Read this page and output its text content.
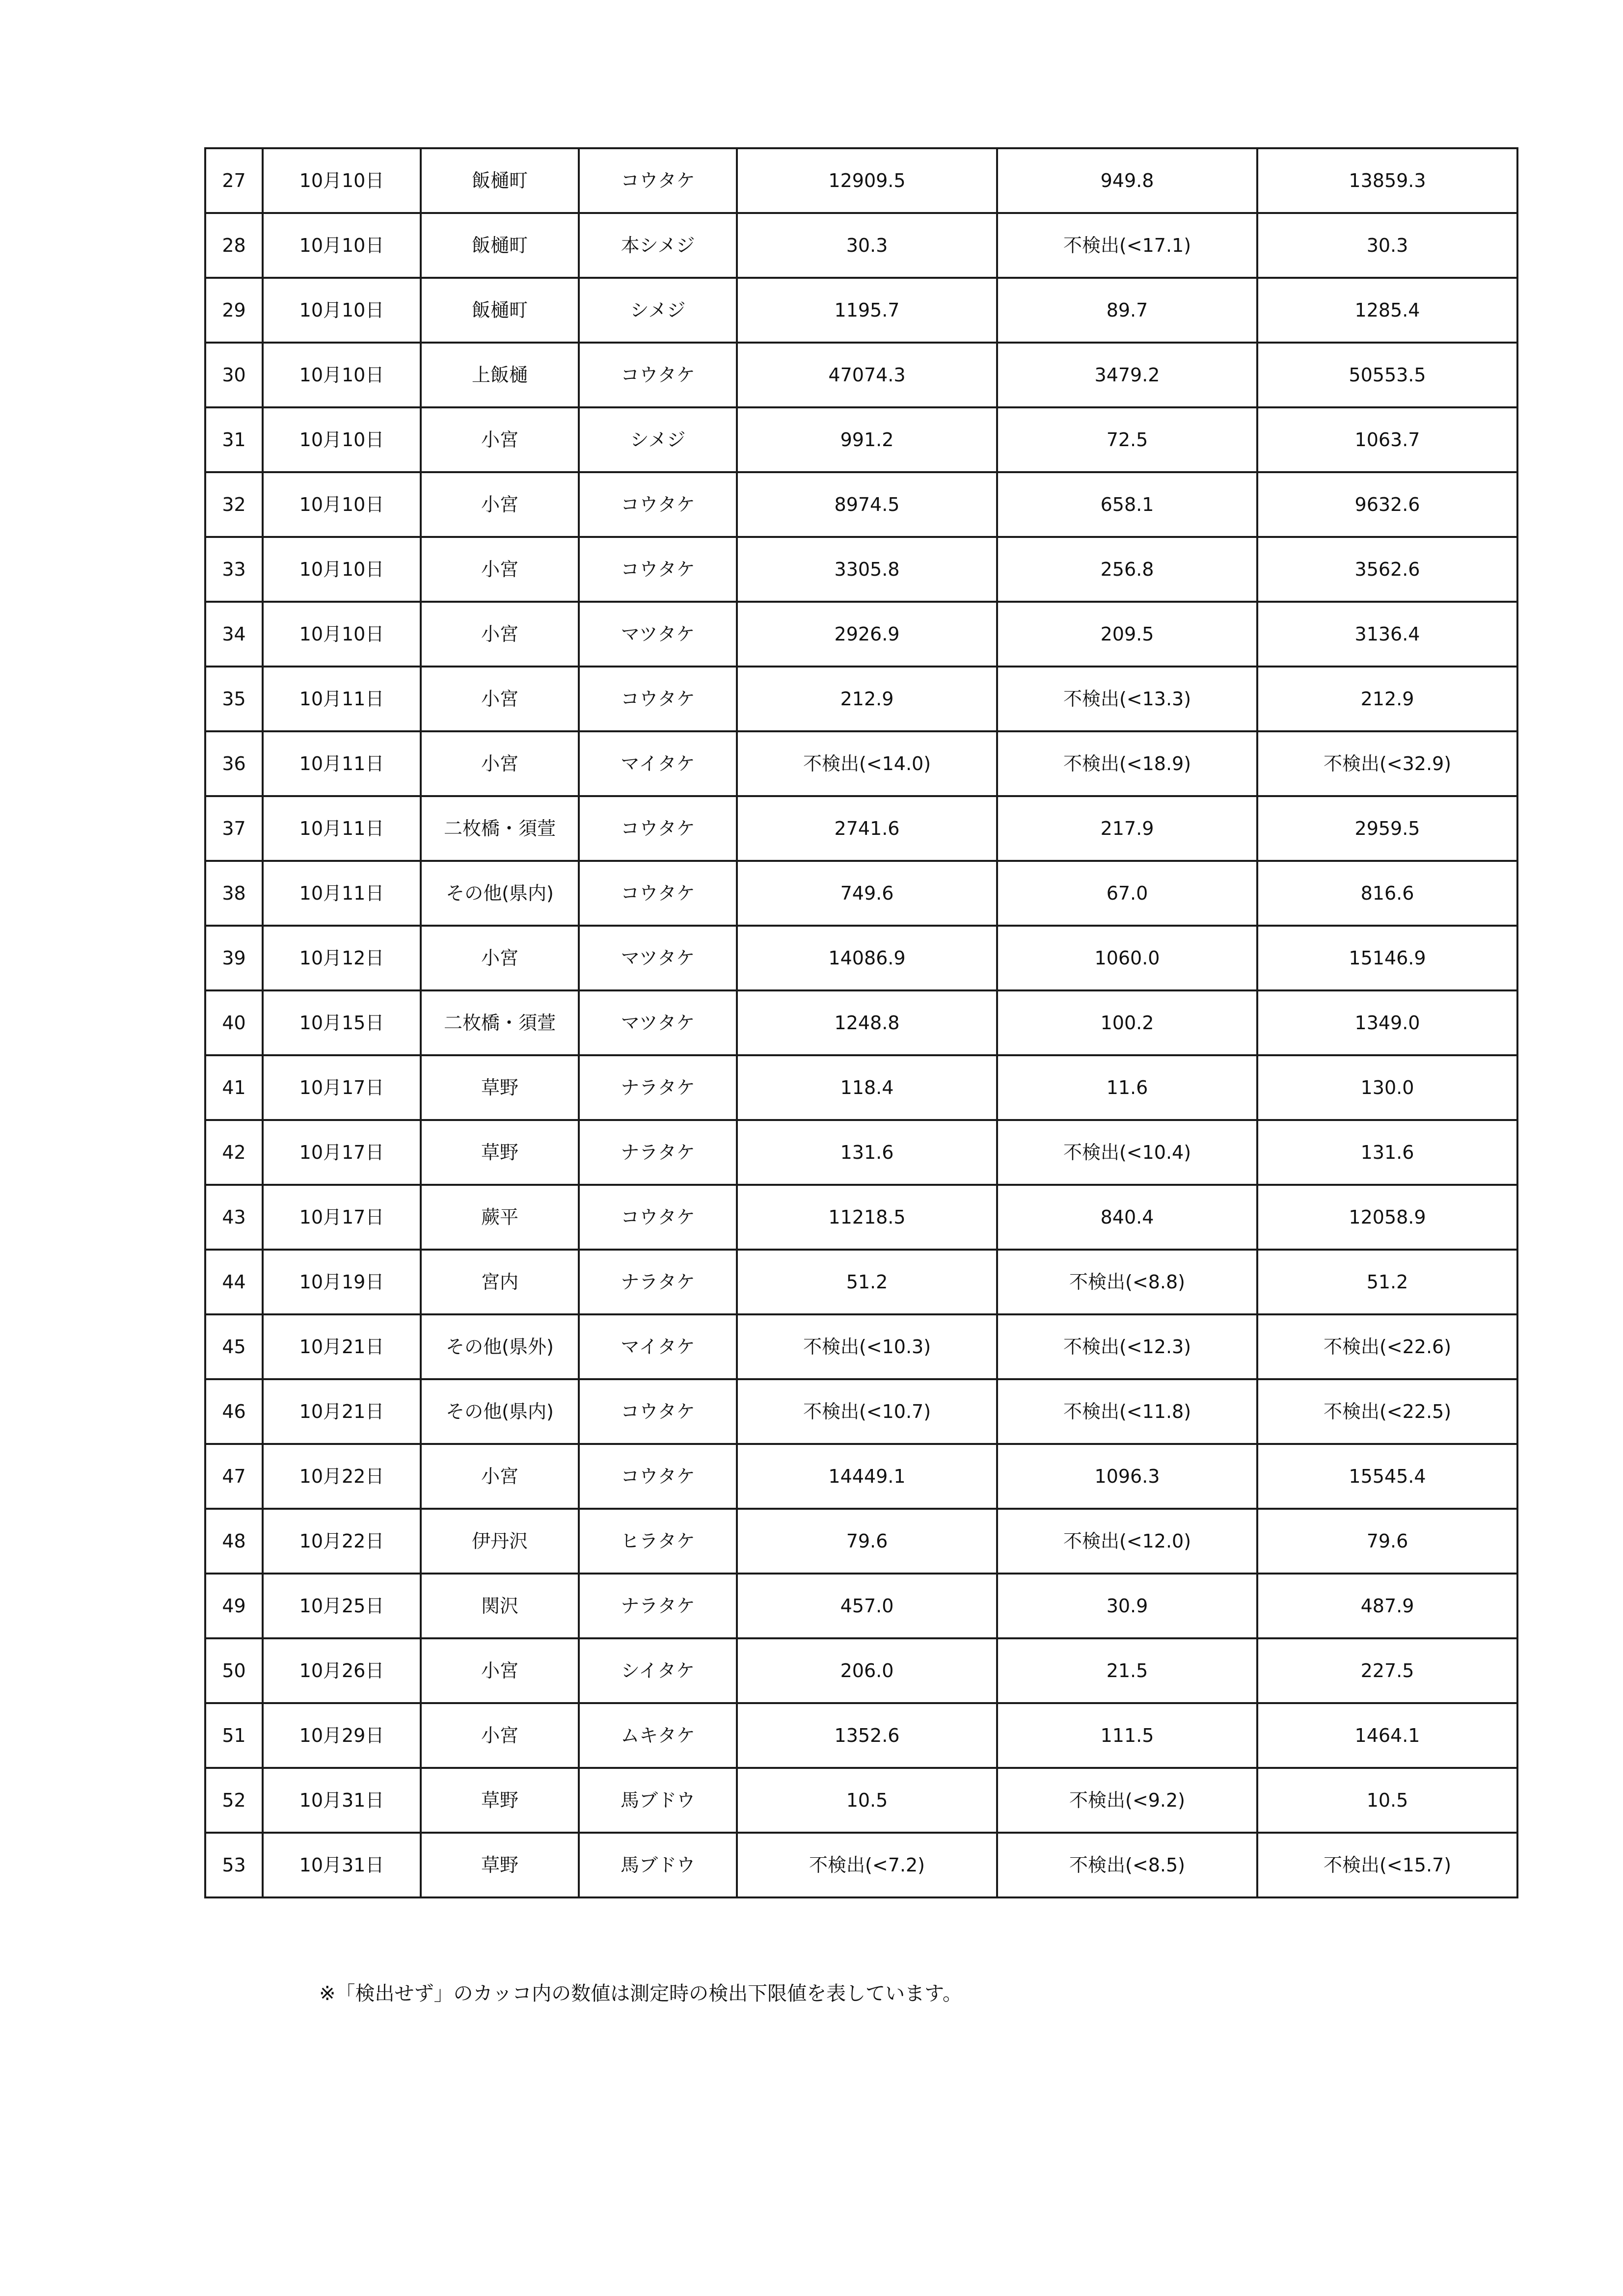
27	10月10日	飯樋町	コウタケ	12909.5	949.8	13859.3
28	10月10日	飯樋町	本シメジ	30.3	不検出(<17.1)	30.3
29	10月10日	飯樋町	シメジ	1195.7	89.7	1285.4
30	10月10日	上飯樋	コウタケ	47074.3	3479.2	50553.5
31	10月10日	小宮	シメジ	991.2	72.5	1063.7
32	10月10日	小宮	コウタケ	8974.5	658.1	9632.6
33	10月10日	小宮	コウタケ	3305.8	256.8	3562.6
34	10月10日	小宮	マツタケ	2926.9	209.5	3136.4
35	10月11日	小宮	コウタケ	212.9	不検出(<13.3)	212.9
36	10月11日	小宮	マイタケ	不検出(<14.0)	不検出(<18.9)	不検出(<32.9)
37	10月11日	二枚橋・須萱	コウタケ	2741.6	217.9	2959.5
38	10月11日	その他(県内)	コウタケ	749.6	67.0	816.6
39	10月12日	小宮	マツタケ	14086.9	1060.0	15146.9
40	10月15日	二枚橋・須萱	マツタケ	1248.8	100.2	1349.0
41	10月17日	草野	ナラタケ	118.4	11.6	130.0
42	10月17日	草野	ナラタケ	131.6	不検出(<10.4)	131.6
43	10月17日	蕨平	コウタケ	11218.5	840.4	12058.9
44	10月19日	宮内	ナラタケ	51.2	不検出(<8.8)	51.2
45	10月21日	その他(県外)	マイタケ	不検出(<10.3)	不検出(<12.3)	不検出(<22.6)
46	10月21日	その他(県内)	コウタケ	不検出(<10.7)	不検出(<11.8)	不検出(<22.5)
47	10月22日	小宮	コウタケ	14449.1	1096.3	15545.4
48	10月22日	伊丹沢	ヒラタケ	79.6	不検出(<12.0)	79.6
49	10月25日	関沢	ナラタケ	457.0	30.9	487.9
50	10月26日	小宮	シイタケ	206.0	21.5	227.5
51	10月29日	小宮	ムキタケ	1352.6	111.5	1464.1
52	10月31日	草野	馬ブドウ	10.5	不検出(<9.2)	10.5
53	10月31日	草野	馬ブドウ	不検出(<7.2)	不検出(<8.5)	不検出(<15.7)
※「検出せず」のカッコ内の数値は測定時の検出下限値を表しています。
